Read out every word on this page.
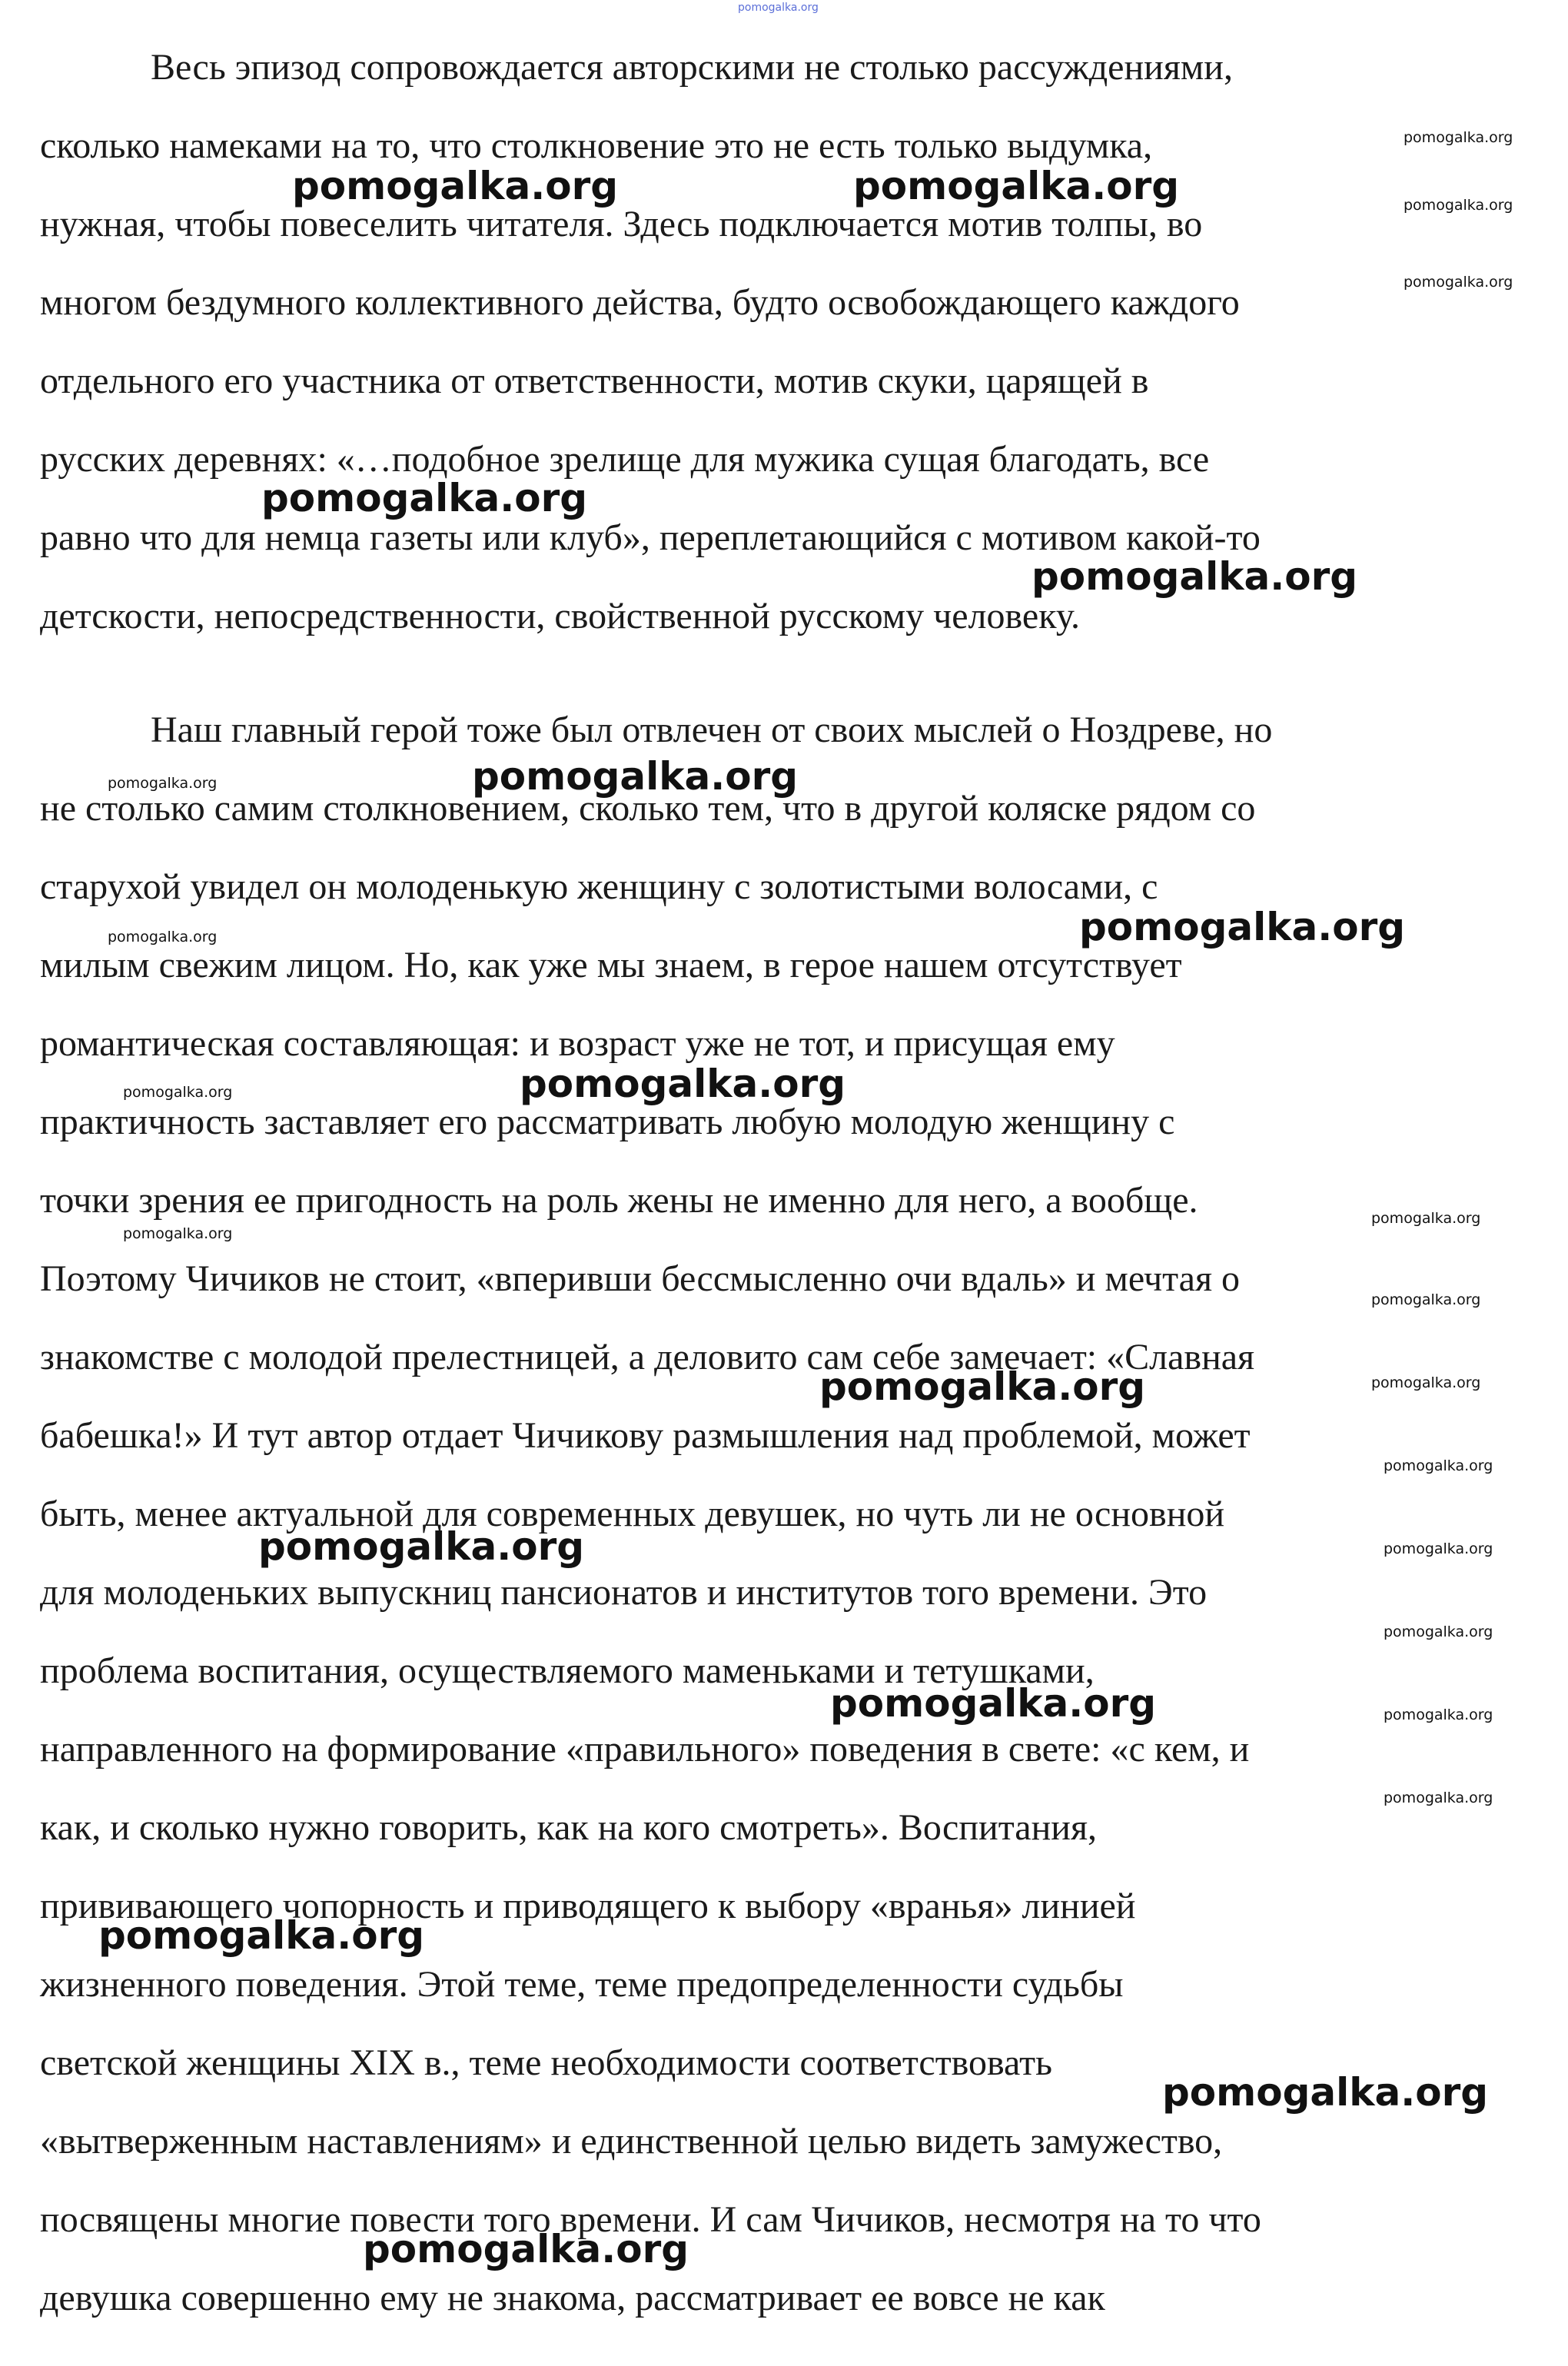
pomogalka.org
Весь эпизод сопровождается авторскими не столько рассуждениями,
сколько намеками на то, что столкновение это не есть только выдумка,
нужная, чтобы повеселить читателя. Здесь подключается мотив толпы, во
многом бездумного коллективного действа, будто освобождающего каждого
отдельного его участника от ответственности, мотив скуки, царящей в
русских деревнях: «…подобное зрелище для мужика сущая благодать, все
равно что для немца газеты или клуб», переплетающийся с мотивом какой-то
детскости, непосредственности, свойственной русскому человеку.
Наш главный герой тоже был отвлечен от своих мыслей о Ноздреве, но
не столько самим столкновением, сколько тем, что в другой коляске рядом со
старухой увидел он молоденькую женщину с золотистыми волосами, с
милым свежим лицом. Но, как уже мы знаем, в герое нашем отсутствует
романтическая составляющая: и возраст уже не тот, и присущая ему
практичность заставляет его рассматривать любую молодую женщину с
точки зрения ее пригодность на роль жены не именно для него, а вообще.
Поэтому Чичиков не стоит, «вперивши бессмысленно очи вдаль» и мечтая о
знакомстве с молодой прелестницей, а деловито сам себе замечает: «Славная
бабешка!» И тут автор отдает Чичикову размышления над проблемой, может
быть, менее актуальной для современных девушек, но чуть ли не основной
для молоденьких выпускниц пансионатов и институтов того времени. Это
проблема воспитания, осуществляемого маменьками и тетушками,
направленного на формирование «правильного» поведения в свете: «с кем, и
как, и сколько нужно говорить, как на кого смотреть». Воспитания,
прививающего чопорность и приводящего к выбору «вранья» линией
жизненного поведения. Этой теме, теме предопределенности судьбы
светской женщины XIX в., теме необходимости соответствовать
«вытверженным наставлениям» и единственной целью видеть замужество,
посвящены многие повести того времени. И сам Чичиков, несмотря на то что
девушка совершенно ему не знакома, рассматривает ее вовсе не как
pomogalka.org	pomogalka.org
pomogalka.org
pomogalka.org
pomogalka.org
pomogalka.org
pomogalka.org
pomogalka.org
pomogalka.org
pomogalka.org
pomogalka.org
pomogalka.org
pomogalka.org
pomogalka.org
pomogalka.org
pomogalka.org
pomogalka.org
pomogalka.org
pomogalka.org
pomogalka.org
pomogalka.org
pomogalka.org
pomogalka.org
pomogalka.org
pomogalka.org
pomogalka.org
pomogalka.org
pomogalka.org
